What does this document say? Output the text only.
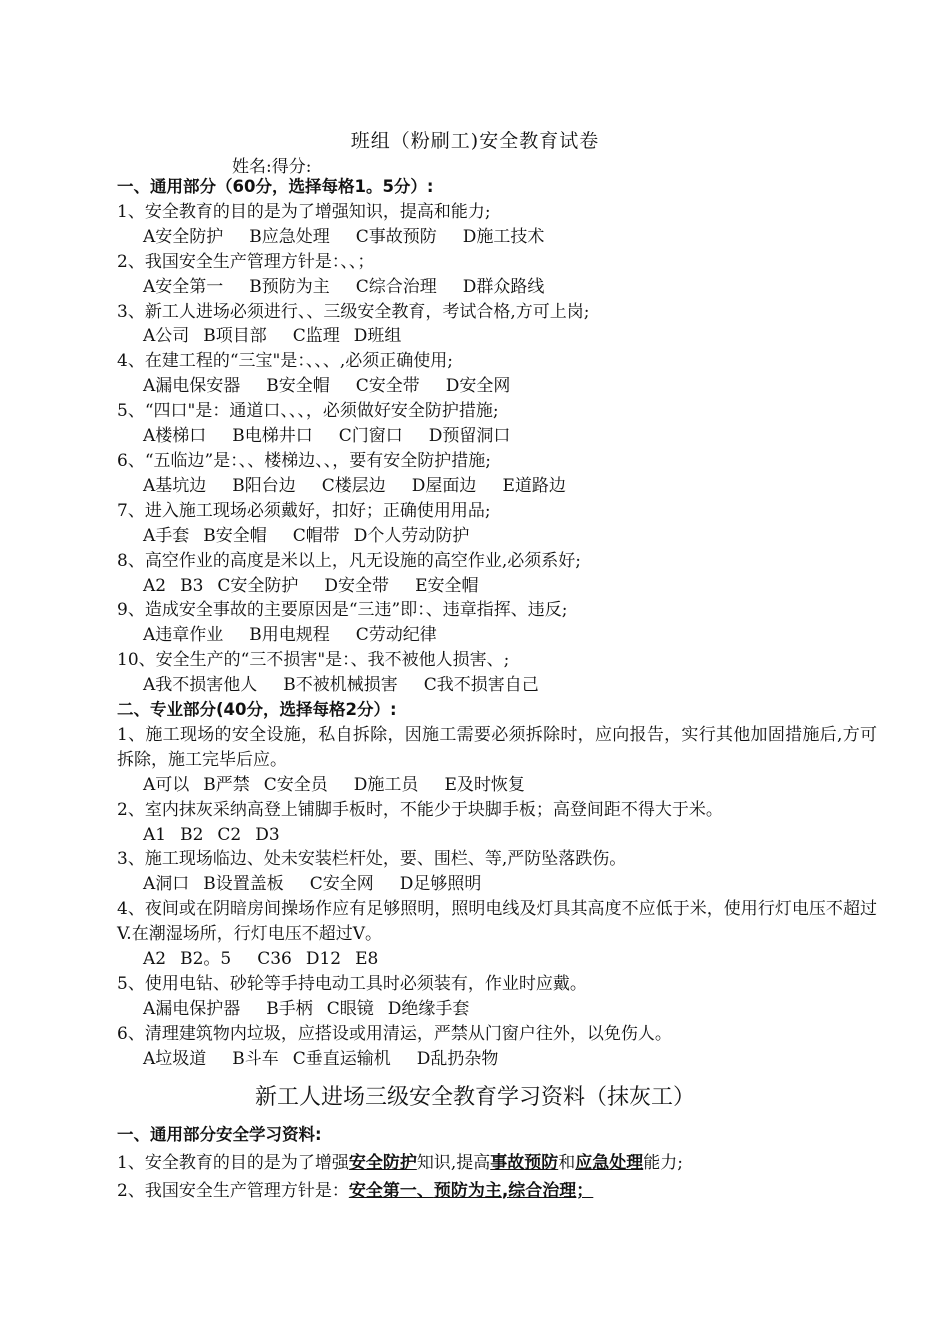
班组（粉刷工)安全教育试卷
姓名:得分:
一、通用部分（60分，选择每格1。5分）:
1、安全教育的目的是为了增强知识，提高和能力;
A安全防护 B应急处理 C事故预防 D施工技术
2、我国安全生产管理方针是：、、；
A安全第一 B预防为主 C综合治理 D群众路线
3、新工人进场必须进行、、三级安全教育，考试合格,方可上岗;
A公司 B项目部 C监理 D班组
4、在建工程的“三宝"是：、、、,必须正确使用;
A漏电保安器 B安全帽 C安全带 D安全网
5、“四口"是：通道口、、、，必须做好安全防护措施;
A楼梯口 B电梯井口 C门窗口 D预留洞口
6、“五临边”是：、、楼梯边、、，要有安全防护措施;
A基坑边 B阳台边 C楼层边 D屋面边 E道路边
7、进入施工现场必须戴好，扣好；正确使用用品;
A手套 B安全帽 C帽带 D个人劳动防护
8、高空作业的高度是米以上，凡无设施的高空作业,必须系好;
A2 B3 C安全防护 D安全带 E安全帽
9、造成安全事故的主要原因是“三违”即：、违章指挥、违反;
A违章作业 B用电规程 C劳动纪律
10、安全生产的“三不损害"是：、我不被他人损害、;
A我不损害他人 B不被机械损害 C我不损害自己
二、专业部分(40分，选择每格2分）:
1、施工现场的安全设施，私自拆除，因施工需要必须拆除时，应向报告，实行其他加固措施后,方可拆除，施工完毕后应。
A可以 B严禁 C安全员 D施工员 E及时恢复
2、室内抹灰采纳高登上铺脚手板时，不能少于块脚手板；高登间距不得大于米。
A1 B2 C2 D3
3、施工现场临边、处未安装栏杆处，要、围栏、等,严防坠落跌伤。
A洞口 B设置盖板 C安全网 D足够照明
4、夜间或在阴暗房间操场作应有足够照明，照明电线及灯具其高度不应低于米，使用行灯电压不超过V.在潮湿场所，行灯电压不超过V。
A2 B2。5 C36 D12 E8
5、使用电钻、砂轮等手持电动工具时必须装有，作业时应戴。
A漏电保护器 B手柄 C眼镜 D绝缘手套
6、清理建筑物内垃圾，应搭设或用清运，严禁从门窗户往外，以免伤人。
A垃圾道 B斗车 C垂直运输机 D乱扔杂物
新工人进场三级安全教育学习资料（抹灰工）
一、通用部分安全学习资料:
1、安全教育的目的是为了增强安全防护知识,提高事故预防和应急处理能力;
2、我国安全生产管理方针是：安全第一、预防为主,综合治理；
